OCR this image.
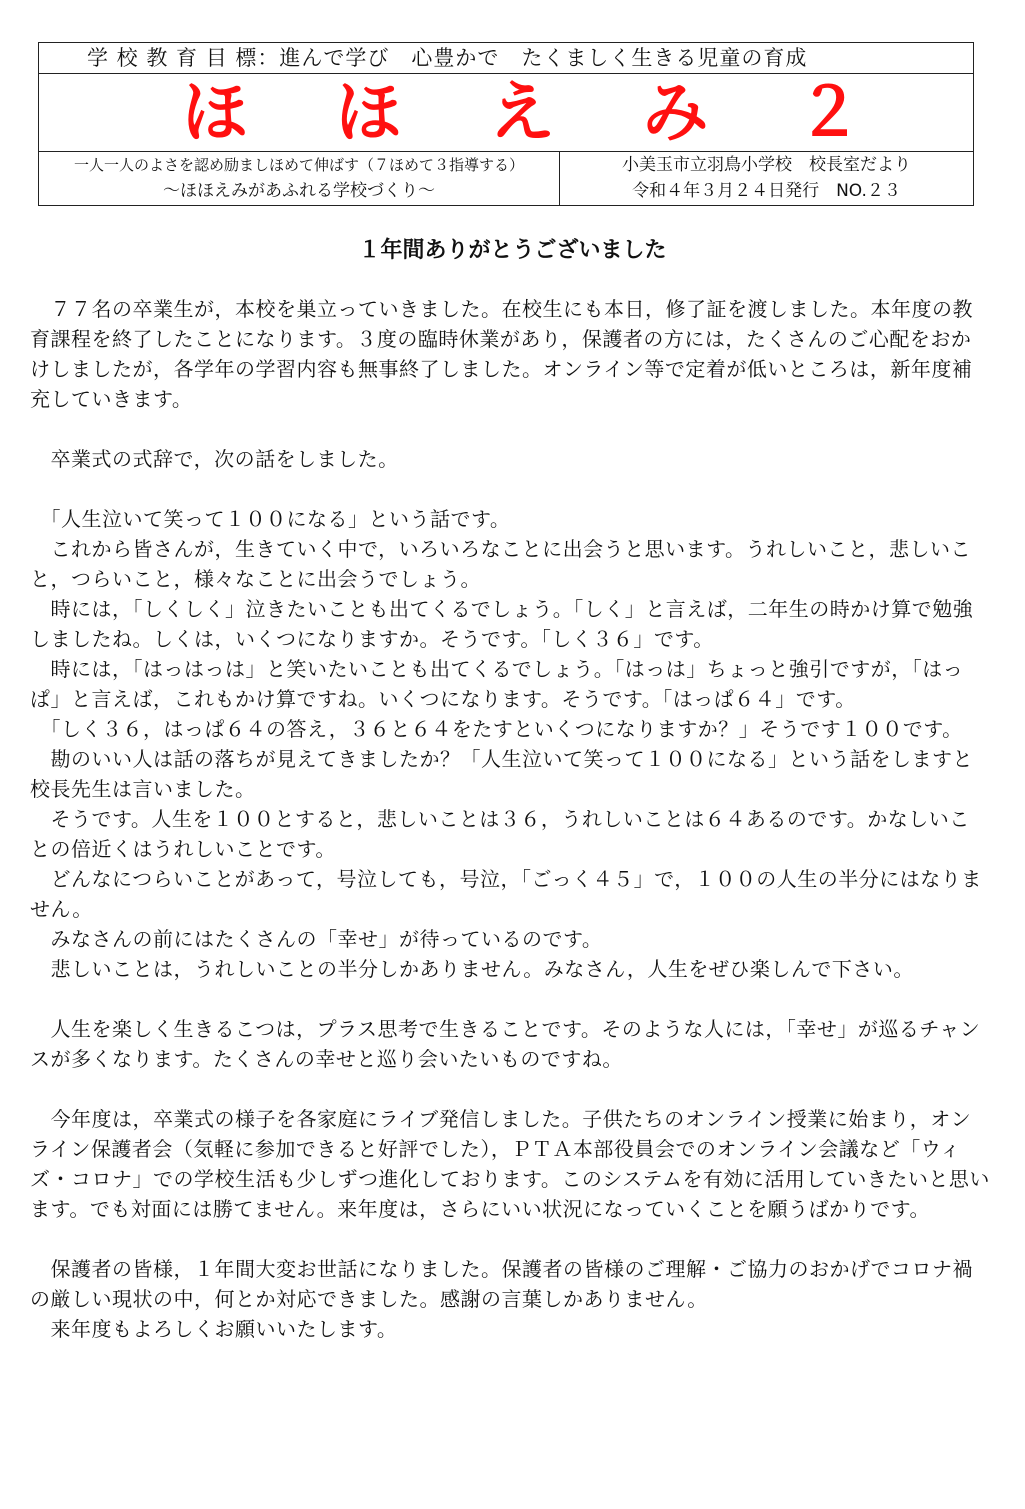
学 校 教 育 目 標：進んで学び　心豊かで　たくましく生きる児童の育成
ほ ほ え み ２
一人一人のよさを認め励ましほめて伸ばす（７ほめて３指導する）
～ほほえみがあふれる学校づくり～
小美玉市立羽鳥小学校　校長室だより
令和４年３月２４日発行　NO.２３
１年間ありがとうございました

　７７名の卒業生が，本校を巣立っていきました。在校生にも本日，修了証を渡しました。本年度の教育課程を終了したことになります。３度の臨時休業があり，保護者の方には，たくさんのご心配をおかけしましたが，各学年の学習内容も無事終了しました。オンライン等で定着が低いところは，新年度補充していきます。

　卒業式の式辞で，次の話をしました。

　「人生泣いて笑って１００になる」という話です。

　これから皆さんが，生きていく中で，いろいろなことに出会うと思います。うれしいこと，悲しいこと，つらいこと，様々なことに出会うでしょう。

　時には，「しくしく」泣きたいことも出てくるでしょう。「しく」と言えば，二年生の時かけ算で勉強しましたね。しくは，いくつになりますか。そうです。「しく３６」です。

　時には，「はっはっは」と笑いたいことも出てくるでしょう。「はっは」ちょっと強引ですが，「はっぱ」と言えば，これもかけ算ですね。いくつになります。そうです。「はっぱ６４」です。

　「しく３６，はっぱ６４の答え，３６と６４をたすといくつになりますか？」そうです１００です。

　勘のいい人は話の落ちが見えてきましたか？「人生泣いて笑って１００になる」という話をしますと校長先生は言いました。

　そうです。人生を１００とすると，悲しいことは３６，うれしいことは６４あるのです。かなしいことの倍近くはうれしいことです。

　どんなにつらいことがあって，号泣しても，号泣，「ごっく４５」で，１００の人生の半分にはなりません。

　みなさんの前にはたくさんの「幸せ」が待っているのです。

　悲しいことは，うれしいことの半分しかありません。みなさん，人生をぜひ楽しんで下さい。

　人生を楽しく生きるこつは，プラス思考で生きることです。そのような人には，「幸せ」が巡るチャンスが多くなります。たくさんの幸せと巡り会いたいものですね。

　今年度は，卒業式の様子を各家庭にライブ発信しました。子供たちのオンライン授業に始まり，オンライン保護者会（気軽に参加できると好評でした），ＰＴＡ本部役員会でのオンライン会議など「ウィズ・コロナ」での学校生活も少しずつ進化しております。このシステムを有効に活用していきたいと思います。でも対面には勝てません。来年度は，さらにいい状況になっていくことを願うばかりです。

　保護者の皆様，１年間大変お世話になりました。保護者の皆様のご理解・ご協力のおかげでコロナ禍の厳しい現状の中，何とか対応できました。感謝の言葉しかありません。

　来年度もよろしくお願いいたします。
